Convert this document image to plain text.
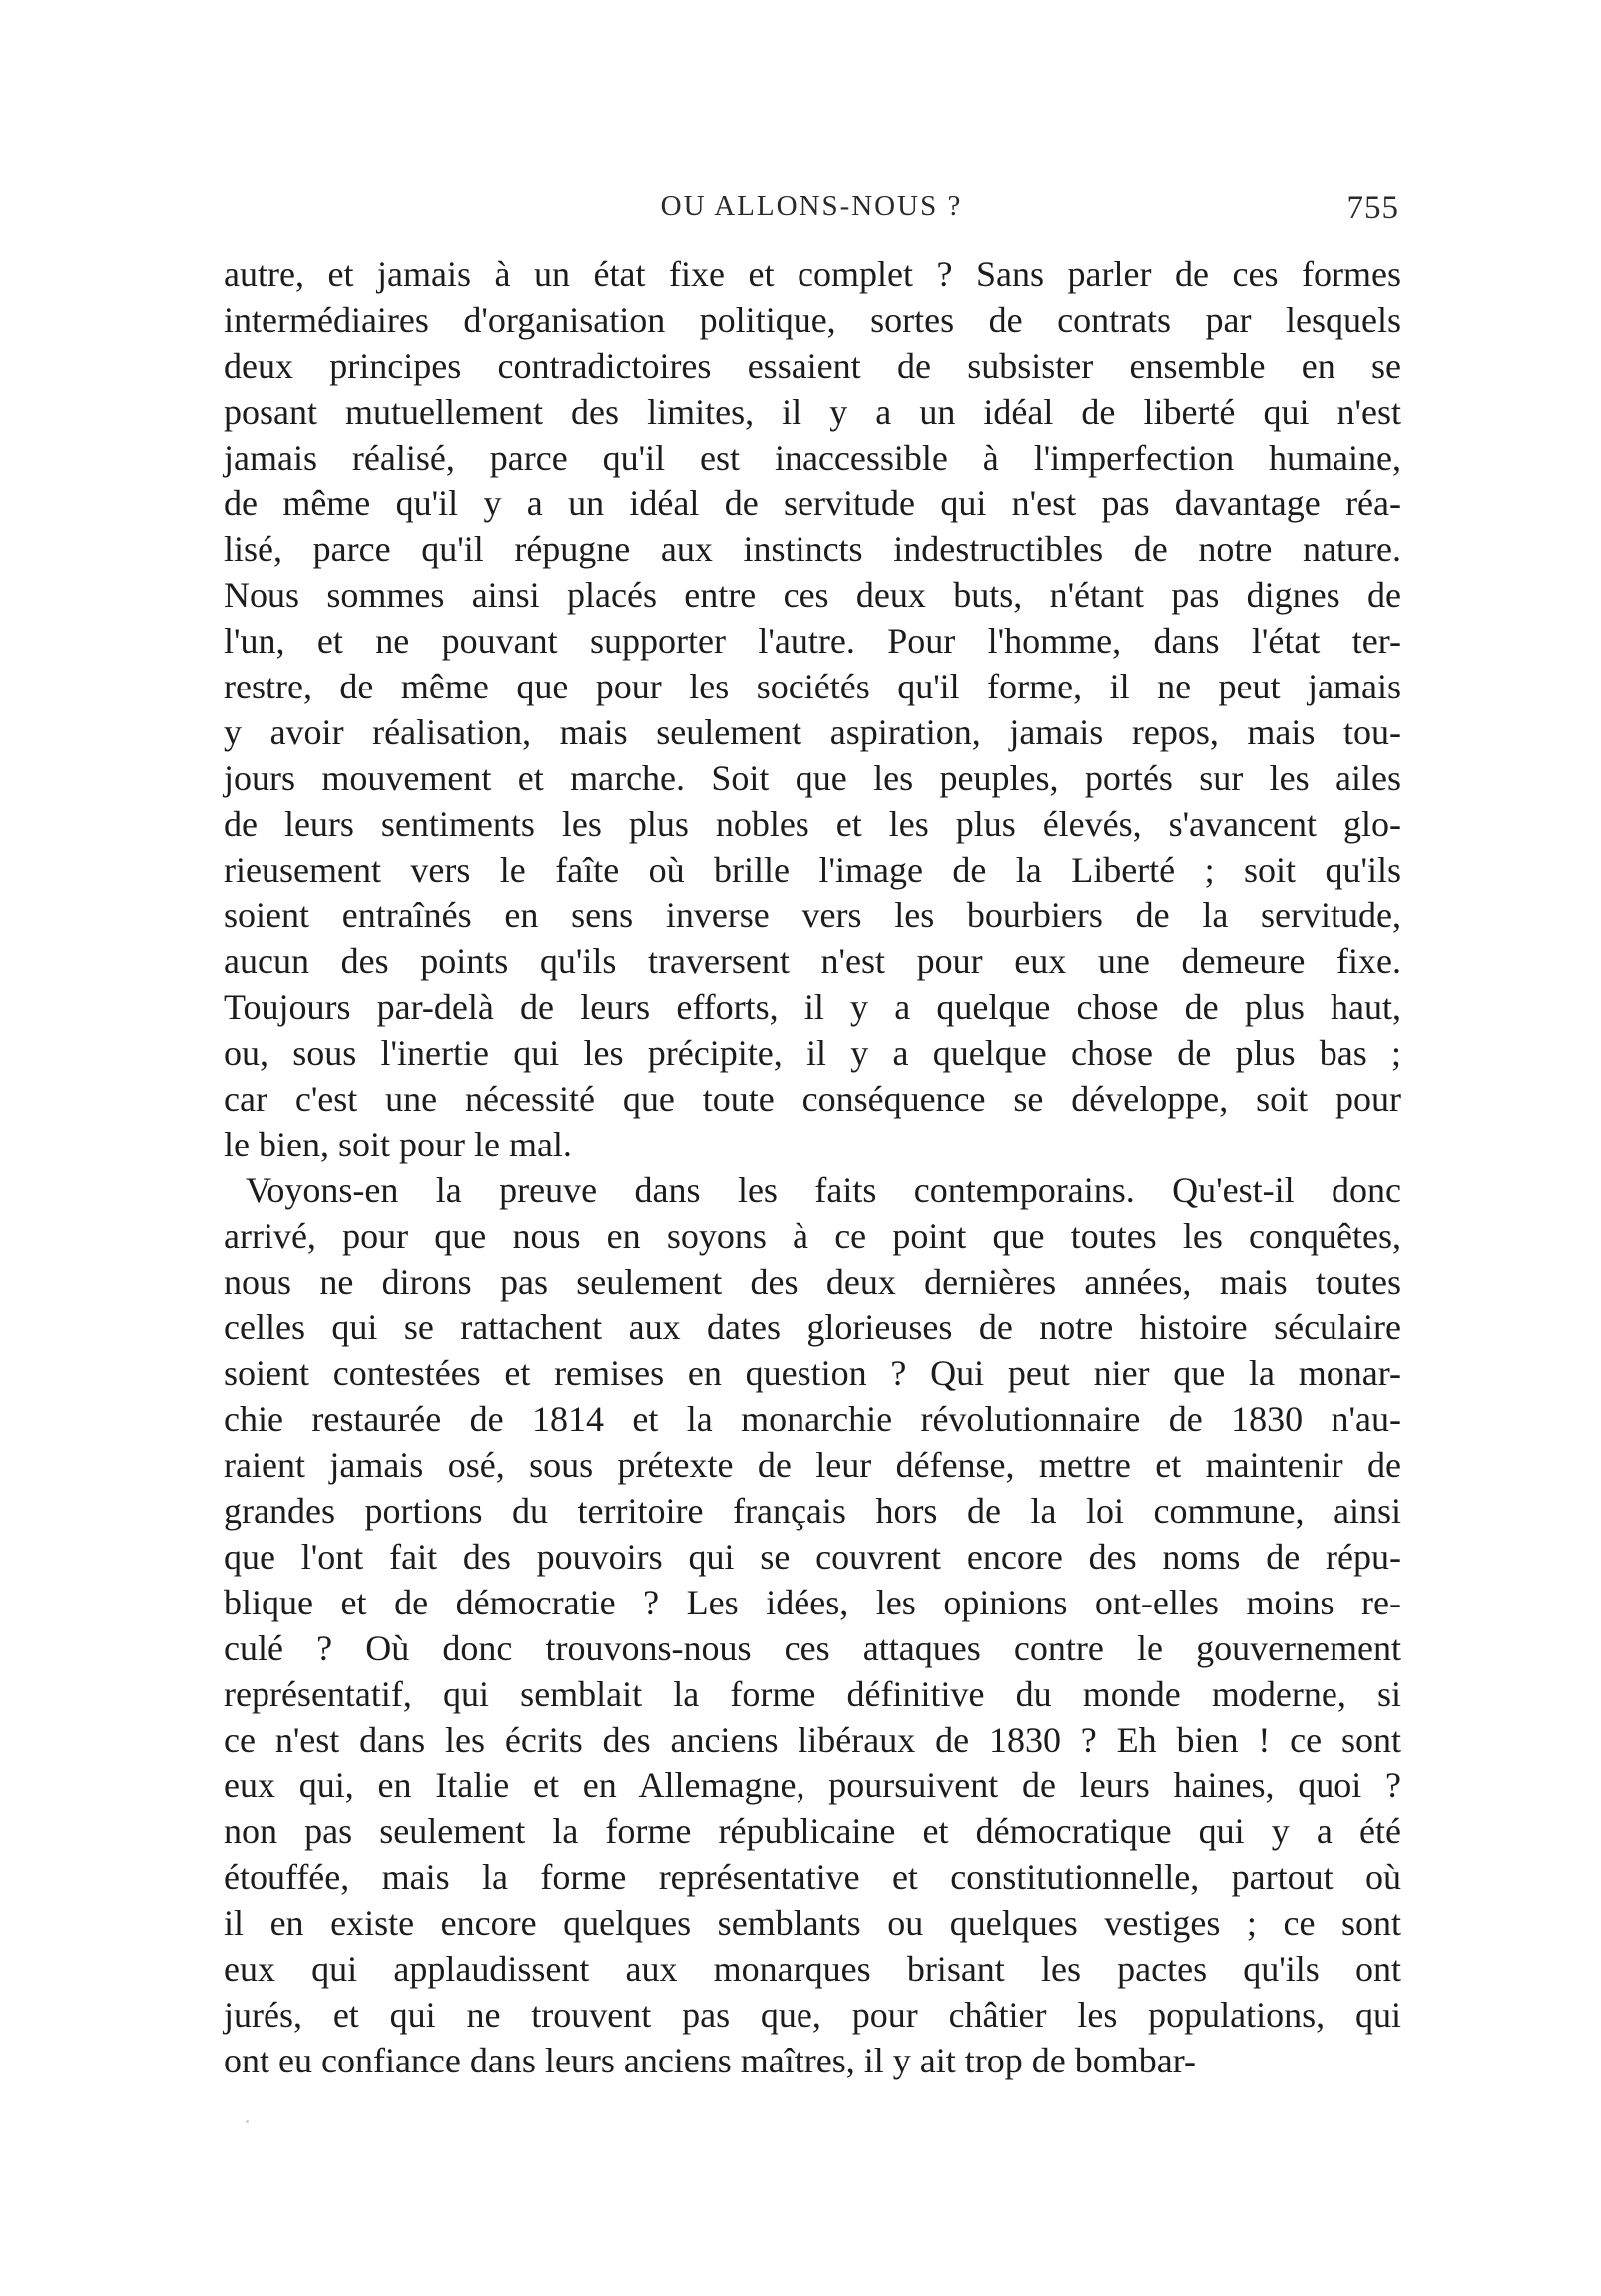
OU ALLONS-NOUS ?	755
autre, et jamais à un état fixe et complet ? Sans parler de ces formes
intermédiaires d'organisation politique, sortes de contrats par lesquels
deux principes contradictoires essaient de subsister ensemble en se
posant mutuellement des limites, il y a un idéal de liberté qui n'est
jamais réalisé, parce qu'il est inaccessible à l'imperfection humaine,
de même qu'il y a un idéal de servitude qui n'est pas davantage réa-
lisé, parce qu'il répugne aux instincts indestructibles de notre nature.
Nous sommes ainsi placés entre ces deux buts, n'étant pas dignes de
l'un, et ne pouvant supporter l'autre. Pour l'homme, dans l'état ter-
restre, de même que pour les sociétés qu'il forme, il ne peut jamais
y avoir réalisation, mais seulement aspiration, jamais repos, mais tou-
jours mouvement et marche. Soit que les peuples, portés sur les ailes
de leurs sentiments les plus nobles et les plus élevés, s'avancent glo-
rieusement vers le faîte où brille l'image de la Liberté ; soit qu'ils
soient entraînés en sens inverse vers les bourbiers de la servitude,
aucun des points qu'ils traversent n'est pour eux une demeure fixe.
Toujours par-delà de leurs efforts, il y a quelque chose de plus haut,
ou, sous l'inertie qui les précipite, il y a quelque chose de plus bas ;
car c'est une nécessité que toute conséquence se développe, soit pour
le bien, soit pour le mal.
Voyons-en la preuve dans les faits contemporains. Qu'est-il donc
arrivé, pour que nous en soyons à ce point que toutes les conquêtes,
nous ne dirons pas seulement des deux dernières années, mais toutes
celles qui se rattachent aux dates glorieuses de notre histoire séculaire
soient contestées et remises en question ? Qui peut nier que la monar-
chie restaurée de 1814 et la monarchie révolutionnaire de 1830 n'au-
raient jamais osé, sous prétexte de leur défense, mettre et maintenir de
grandes portions du territoire français hors de la loi commune, ainsi
que l'ont fait des pouvoirs qui se couvrent encore des noms de répu-
blique et de démocratie ? Les idées, les opinions ont-elles moins re-
culé ? Où donc trouvons-nous ces attaques contre le gouvernement
représentatif, qui semblait la forme définitive du monde moderne, si
ce n'est dans les écrits des anciens libéraux de 1830 ? Eh bien ! ce sont
eux qui, en Italie et en Allemagne, poursuivent de leurs haines, quoi ?
non pas seulement la forme républicaine et démocratique qui y a été
étouffée, mais la forme représentative et constitutionnelle, partout où
il en existe encore quelques semblants ou quelques vestiges ; ce sont
eux qui applaudissent aux monarques brisant les pactes qu'ils ont
jurés, et qui ne trouvent pas que, pour châtier les populations, qui
ont eu confiance dans leurs anciens maîtres, il y ait trop de bombar-
